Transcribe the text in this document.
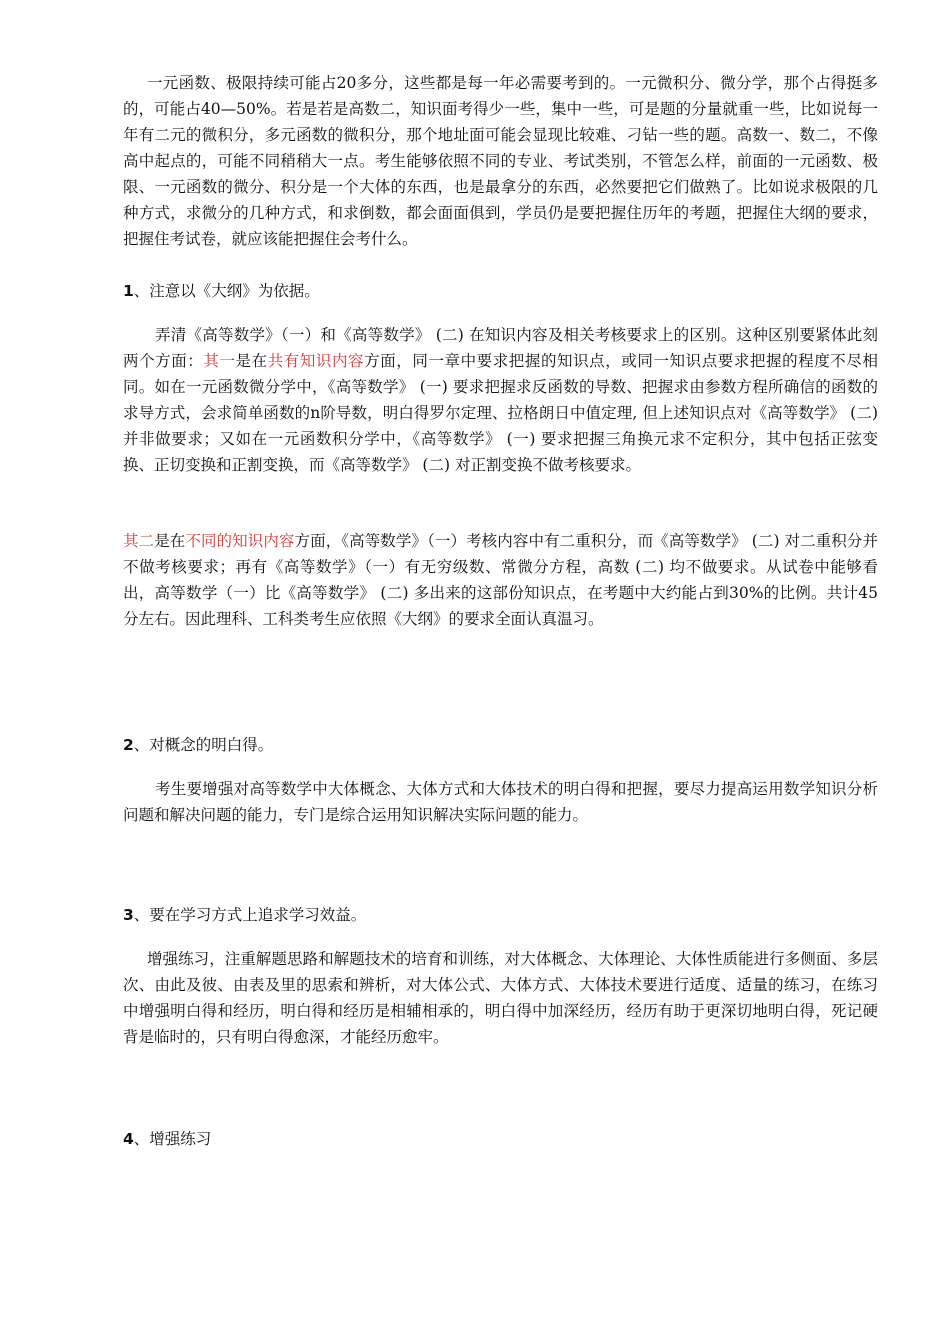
一元函数、极限持续可能占20多分，这些都是每一年必需要考到的。一元微积分、微分学，那个占得挺多的，可能占40—50%。若是若是高数二，知识面考得少一些，集中一些，可是题的分量就重一些，比如说每一年有二元的微积分，多元函数的微积分，那个地址面可能会显现比较难、刁钻一些的题。高数一、数二，不像高中起点的，可能不同稍稍大一点。考生能够依照不同的专业、考试类别，不管怎么样，前面的一元函数、极限、一元函数的微分、积分是一个大体的东西，也是最拿分的东西，必然要把它们做熟了。比如说求极限的几种方式，求微分的几种方式，和求倒数，都会面面俱到，学员仍是要把握住历年的考题，把握住大纲的要求，把握住考试卷，就应该能把握住会考什么。

1、注意以《大纲》为依据。

弄清《高等数学》（一）和《高等数学》 (二) 在知识内容及相关考核要求上的区别。这种区别要紧体此刻两个方面：其一是在共有知识内容方面，同一章中要求把握的知识点，或同一知识点要求把握的程度不尽相同。如在一元函数微分学中，《高等数学》 (一) 要求把握求反函数的导数、把握求由参数方程所确信的函数的求导方式，会求简单函数的n阶导数，明白得罗尔定理、拉格朗日中值定理, 但上述知识点对《高等数学》 (二) 并非做要求；又如在一元函数积分学中，《高等数学》 (一) 要求把握三角换元求不定积分，其中包括正弦变换、正切变换和正割变换，而《高等数学》 (二) 对正割变换不做考核要求。

其二是在不同的知识内容方面，《高等数学》（一）考核内容中有二重积分，而《高等数学》 (二) 对二重积分并不做考核要求；再有《高等数学》（一）有无穷级数、常微分方程，高数 (二) 均不做要求。从试卷中能够看出，高等数学（一）比《高等数学》 (二) 多出来的这部份知识点，在考题中大约能占到30%的比例。共计45分左右。因此理科、工科类考生应依照《大纲》的要求全面认真温习。

2、对概念的明白得。

考生要增强对高等数学中大体概念、大体方式和大体技术的明白得和把握，要尽力提高运用数学知识分析问题和解决问题的能力，专门是综合运用知识解决实际问题的能力。

3、要在学习方式上追求学习效益。

增强练习，注重解题思路和解题技术的培育和训练，对大体概念、大体理论、大体性质能进行多侧面、多层次、由此及彼、由表及里的思索和辨析，对大体公式、大体方式、大体技术要进行适度、适量的练习，在练习中增强明白得和经历，明白得和经历是相辅相承的，明白得中加深经历，经历有助于更深切地明白得，死记硬背是临时的，只有明白得愈深，才能经历愈牢。

4、增强练习
